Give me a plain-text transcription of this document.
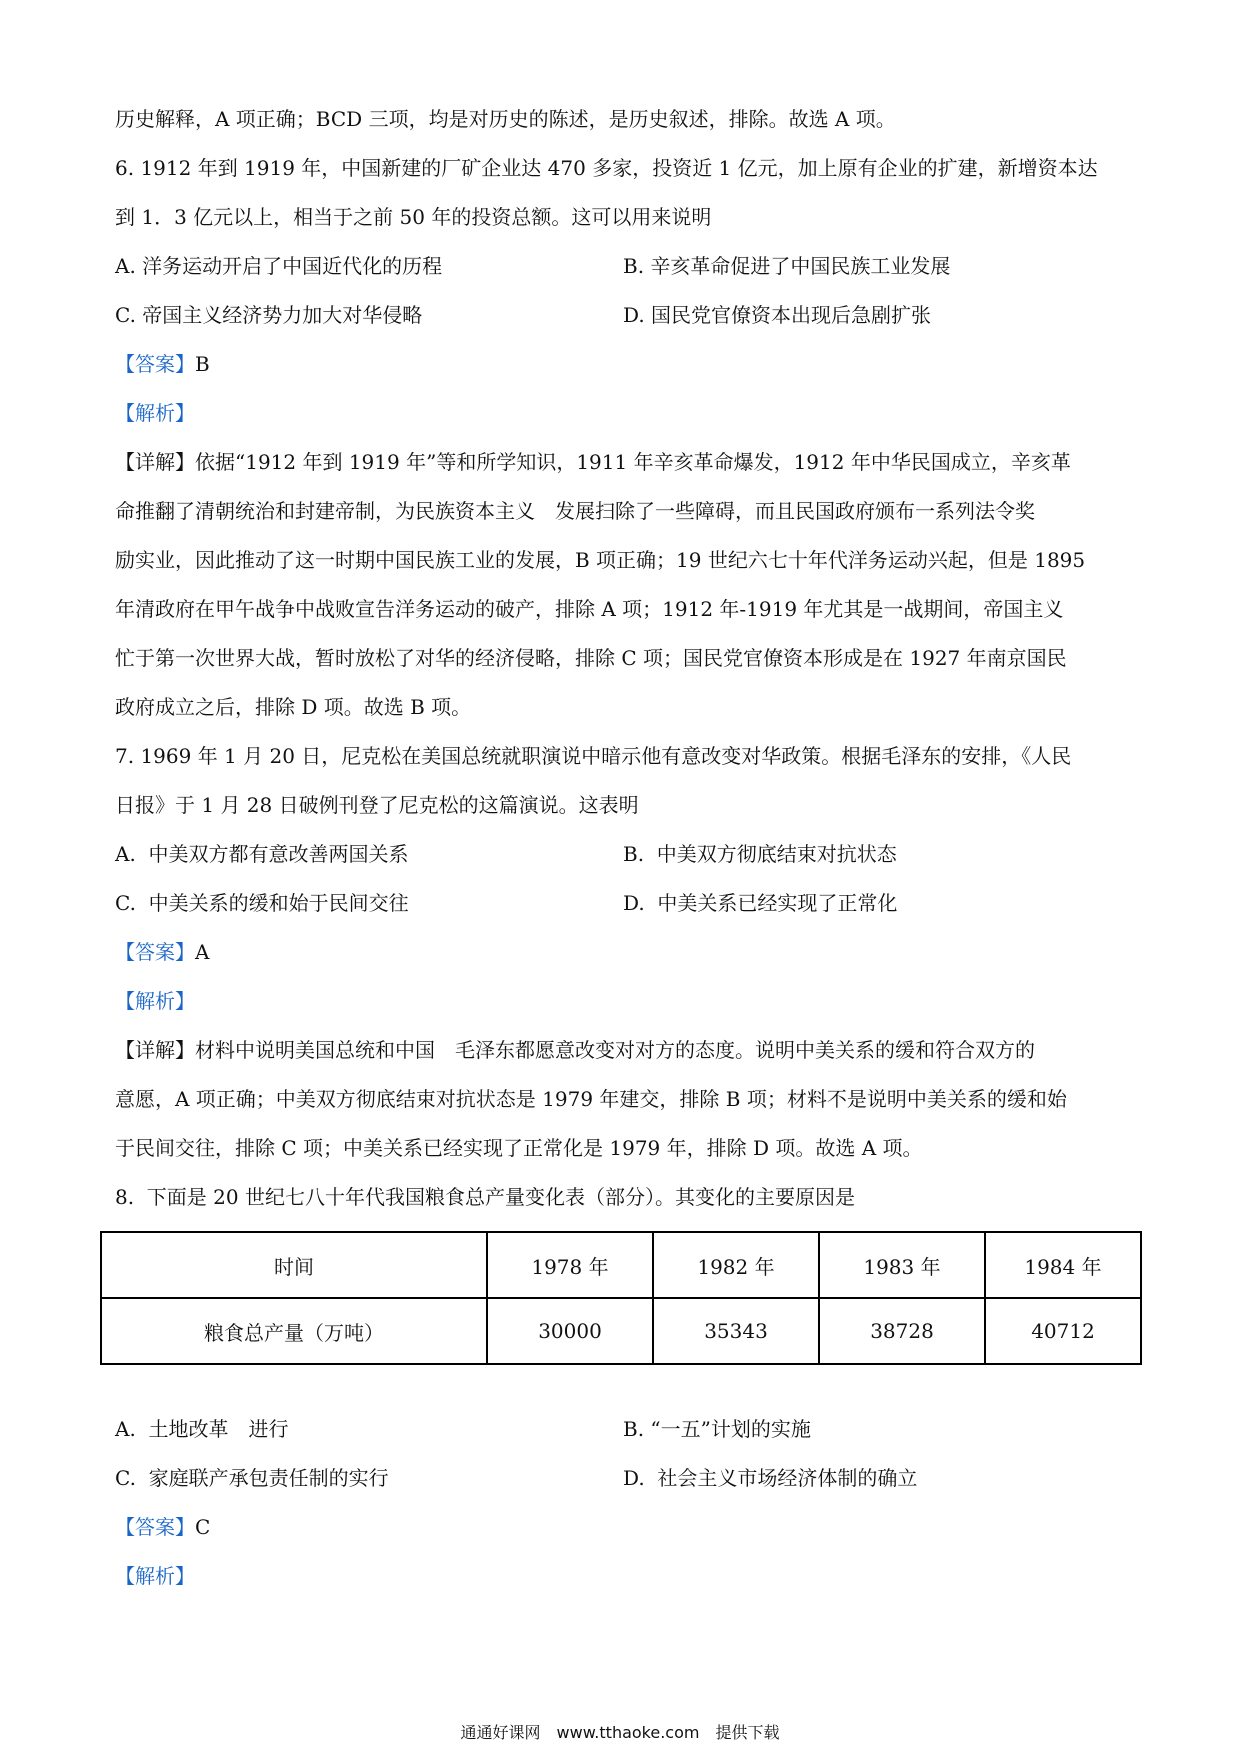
历史解释，A 项正确；BCD 三项，均是对历史的陈述，是历史叙述，排除。故选 A 项。

6. 1912 年到 1919 年，中国新建的厂矿企业达 470 多家，投资近 1 亿元，加上原有企业的扩建，新增资本达

到 1．3 亿元以上，相当于之前 50 年的投资总额。这可以用来说明

A. 洋务运动开启了中国近代化的历程	B. 辛亥革命促进了中国民族工业发展
C. 帝国主义经济势力加大对华侵略	D. 国民党官僚资本出现后急剧扩张

【答案】B

【解析】

【详解】依据“1912 年到 1919 年”等和所学知识，1911 年辛亥革命爆发，1912 年中华民国成立，辛亥革

命推翻了清朝统治和封建帝制，为民族资本主义　发展扫除了一些障碍，而且民国政府颁布一系列法令奖

励实业，因此推动了这一时期中国民族工业的发展，B 项正确；19 世纪六七十年代洋务运动兴起，但是 1895

年清政府在甲午战争中战败宣告洋务运动的破产，排除 A 项；1912 年-1919 年尤其是一战期间，帝国主义

忙于第一次世界大战，暂时放松了对华的经济侵略，排除 C 项；国民党官僚资本形成是在 1927 年南京国民

政府成立之后，排除 D 项。故选 B 项。

7. 1969 年 1 月 20 日，尼克松在美国总统就职演说中暗示他有意改变对华政策。根据毛泽东的安排，《人民

日报》于 1 月 28 日破例刊登了尼克松的这篇演说。这表明

A.  中美双方都有意改善两国关系	B.  中美双方彻底结束对抗状态
C.  中美关系的缓和始于民间交往	D.  中美关系已经实现了正常化

【答案】A

【解析】

【详解】材料中说明美国总统和中国　毛泽东都愿意改变对对方的态度。说明中美关系的缓和符合双方的

意愿，A 项正确；中美双方彻底结束对抗状态是 1979 年建交，排除 B 项；材料不是说明中美关系的缓和始

于民间交往，排除 C 项；中美关系已经实现了正常化是 1979 年，排除 D 项。故选 A 项。

8.  下面是 20 世纪七八十年代我国粮食总产量变化表（部分）。其变化的主要原因是

时间	1978 年	1982 年	1983 年	1984 年
粮食总产量（万吨）	30000	35343	38728	40712
A.  土地改革　进行	B. “一五”计划的实施
C.  家庭联产承包责任制的实行	D.  社会主义市场经济体制的确立

【答案】C

【解析】

通通好课网　www.tthaoke.com　提供下载
